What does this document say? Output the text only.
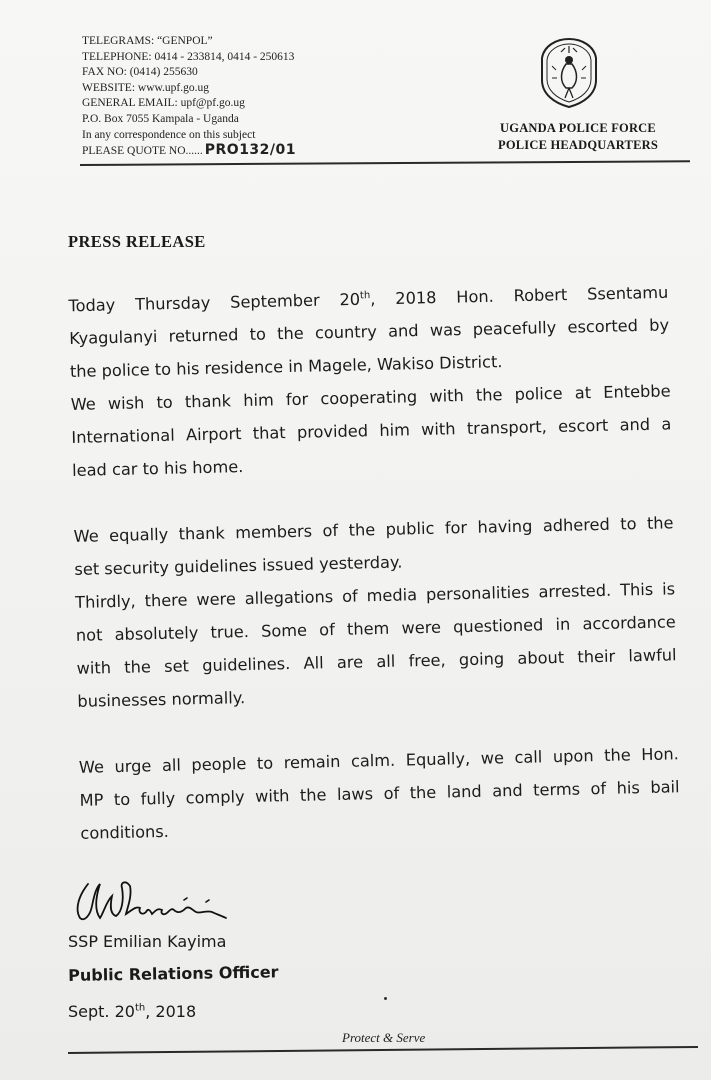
TELEGRAMS: “GENPOL”
TELEPHONE: 0414 - 233814, 0414 - 250613
FAX NO: (0414) 255630
WEBSITE: www.upf.go.ug
GENERAL EMAIL: upf@pf.go.ug
P.O. Box 7055 Kampala - Uganda
In any correspondence on this subject
PLEASE QUOTE NO...... PRO132/01
UGANDA POLICE FORCE
POLICE HEADQUARTERS
PRESS RELEASE
Today Thursday September 20th, 2018 Hon. Robert Ssentamu
Kyagulanyi returned to the country and was peacefully escorted by
the police to his residence in Magele, Wakiso District.
We wish to thank him for cooperating with the police at Entebbe
International Airport that provided him with transport, escort and a
lead car to his home.
We equally thank members of the public for having adhered to the
set security guidelines issued yesterday.
Thirdly, there were allegations of media personalities arrested. This is
not absolutely true. Some of them were questioned in accordance
with the set guidelines. All are all free, going about their lawful
businesses normally.
We urge all people to remain calm. Equally, we call upon the Hon.
MP to fully comply with the laws of the land and terms of his bail
conditions.
SSP Emilian Kayima
Public Relations Officer
Sept. 20th, 2018
Protect & Serve
